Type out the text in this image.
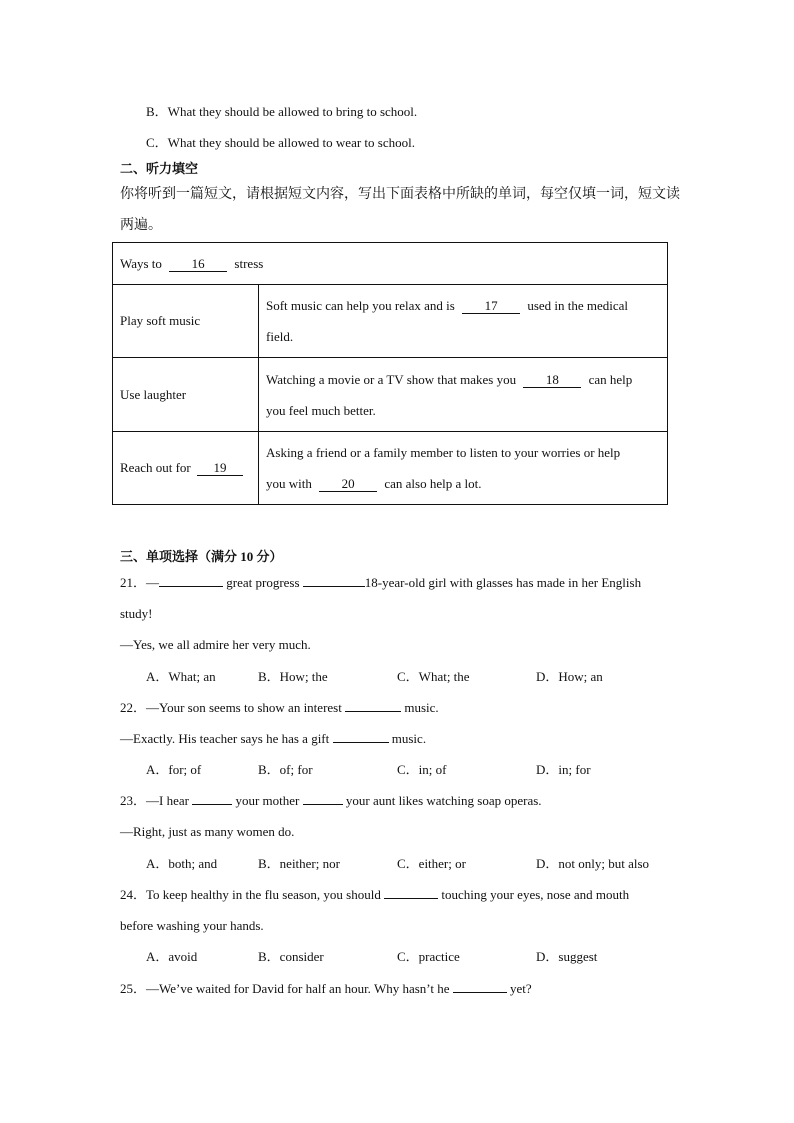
B．What they should be allowed to bring to school.
C．What they should be allowed to wear to school.
二、听力填空
你将听到一篇短文，请根据短文内容，写出下面表格中所缺的单词，每空仅填一词，短文读
两遍。
Ways to 16 stress	
Play soft music	Soft music can help you relax and is 17 used in the medical
field.

Use laughter	Watching a movie or a TV show that makes you 18 can help
you feel much better.

Reach out for 19	Asking a friend or a family member to listen to your worries or help
you with 20 can also help a lot.
三、单项选择（满分 10 分）
21．—	great progress	18-year-old girl with glasses has made in her English
study!
—Yes, we all admire her very much.
A．What; an	B．How; the	C．What; the	D．How; an
22．—Your son seems to show an interest	music.
—Exactly. His teacher says he has a gift	music.
A．for; of	B．of; for	C．in; of	D．in; for
23．—I hear	your mother	your aunt likes watching soap operas.
—Right, just as many women do.
A．both; and	B．neither; nor	C．either; or	D．not only; but also
24．To keep healthy in the flu season, you should	touching your eyes, nose and mouth
before washing your hands.
A．avoid	B．consider	C．practice	D．suggest
25．—We’ve waited for David for half an hour. Why hasn’t he	yet?
